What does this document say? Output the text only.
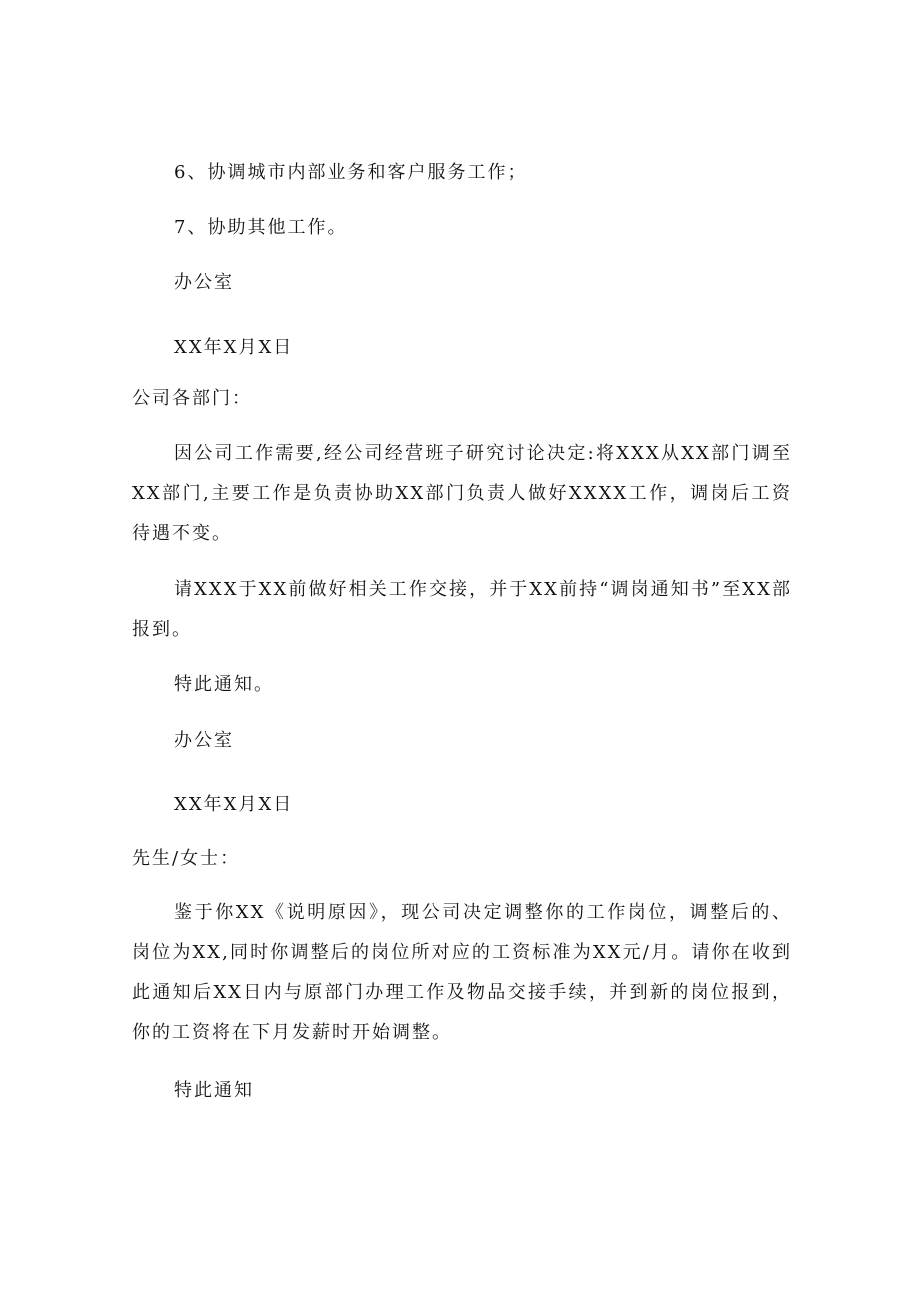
6、协调城市内部业务和客户服务工作；
7、协助其他工作。
办公室
XX年X月X日
公司各部门：
因公司工作需要,经公司经营班子研究讨论决定:将XXX从XX部门调至XX部门,主要工作是负责协助XX部门负责人做好XXXX工作，调岗后工资待遇不变。
请XXX于XX前做好相关工作交接，并于XX前持“调岗通知书”至XX部报到。
特此通知。
办公室
XX年X月X日
先生/女士：
鉴于你XX《说明原因》，现公司决定调整你的工作岗位，调整后的、岗位为XX,同时你调整后的岗位所对应的工资标准为XX元/月。请你在收到此通知后XX日内与原部门办理工作及物品交接手续，并到新的岗位报到，你的工资将在下月发薪时开始调整。
特此通知
